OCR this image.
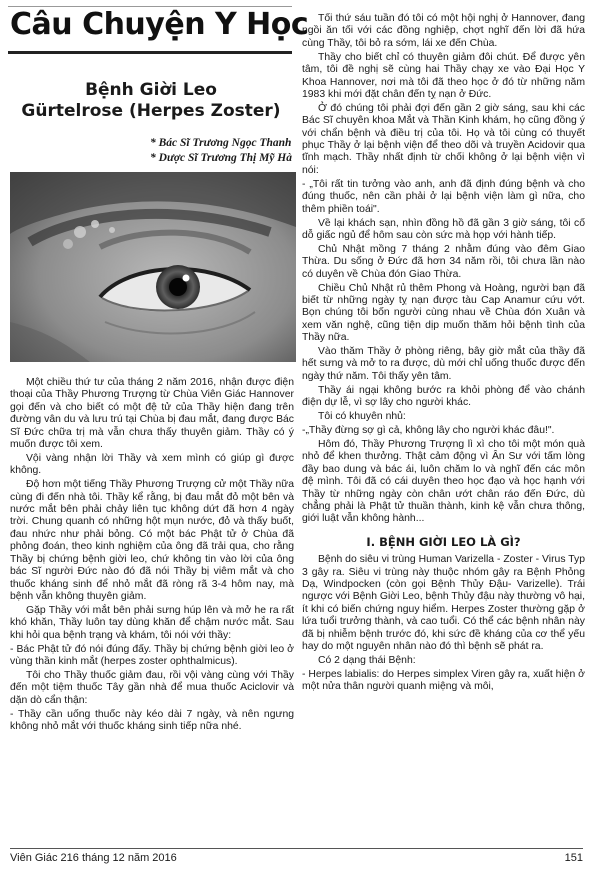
Câu Chuyện Y Học
Bệnh Giời Leo
Gürtelrose (Herpes Zoster)
* Bác Sĩ Trương Ngọc Thanh
* Dược Sĩ Trương Thị Mỹ Hà

Một chiều thứ tư của tháng 2 năm 2016, nhận được điện thoại của Thầy Phương Trượng từ Chùa Viên Giác Hannover gọi đến và cho biết có một đệ tử của Thầy hiện đang trên đường vân du và lưu trú tại Chùa bị đau mắt, đang được Bác Sĩ Đức chữa trị mà vẫn chưa thấy thuyên giảm. Thầy có ý muốn được tôi xem.

Vội vàng nhận lời Thầy và xem mình có giúp gì được không.

Độ hơn một tiếng Thầy Phương Trượng cử một Thầy nữa cùng đi đến nhà tôi. Thầy kể rằng, bị đau mắt đỏ một bên và nước mắt bên phải chảy liên tục không dứt đã hơn 4 ngày trời. Chung quanh có những hột mụn nước, đỏ và thấy buốt, đau nhức như phải bỏng. Có một bác Phật tử ở Chùa đã phỏng đoán, theo kinh nghiệm của ông đã trải qua, cho rằng Thầy bị chứng bệnh giời leo, chứ không tin vào lời của ông bác Sĩ người Đức nào đó đã nói Thầy bị viêm mắt và cho thuốc kháng sinh để nhỏ mắt đã ròng rã 3-4 hôm nay, mà bệnh vẫn không thuyên giảm.

Gặp Thầy với mắt bên phải sưng húp lên và mở he ra rất khó khăn, Thầy luôn tay dùng khăn để chậm nước mắt. Sau khi hỏi qua bệnh trạng và khám, tôi nói với thầy:

- Bác Phật tử đó nói đúng đấy. Thầy bị chứng bệnh giời leo ở vùng thần kinh mắt (herpes zoster ophthalmicus).

Tôi cho Thầy thuốc giảm đau, rồi vội vàng cùng với Thầy đến một tiệm thuốc Tây gần nhà để mua thuốc Aciclovir và dặn dò cẩn thận:

- Thầy cần uống thuốc này kéo dài 7 ngày, và nên ngưng không nhỏ mắt với thuốc kháng sinh tiếp nữa nhé.

Tối thứ sáu tuần đó tôi có một hội nghị ở Hannover, đang ngồi ăn tối với các đồng nghiệp, chợt nghĩ đến lời đã hứa cùng Thầy, tôi bỏ ra sớm, lái xe đến Chùa.

Thầy cho biết chỉ có thuyên giảm đôi chút. Để được yên tâm, tôi đề nghị sẽ cùng hai Thầy chạy xe vào Đại Học Y Khoa Hannover, nơi mà tôi đã theo học ở đó từ những năm 1983 khi mới đặt chân đến tỵ nạn ở Đức.

Ở đó chúng tôi phải đợi đến gần 2 giờ sáng, sau khi các Bác Sĩ chuyên khoa Mắt và Thần Kinh khám, họ cũng đồng ý với chẩn bệnh và điều trị của tôi. Họ và tôi cùng có thuyết phục Thầy ở lại bệnh viện để theo dõi và truyền Acidovir qua tĩnh mạch. Thầy nhất định từ chối không ở lại bệnh viện vì nói:

- „Tôi rất tin tưởng vào anh, anh đã định đúng bệnh và cho đúng thuốc, nên cần phải ở lại bệnh viện làm gì nữa, cho thêm phiền toái".

Về lại khách sạn, nhìn đồng hồ đã gần 3 giờ sáng, tôi cố dỗ giấc ngủ để hôm sau còn sức mà họp với hành tiếp.

Chủ Nhật mồng 7 tháng 2 nhằm đúng vào đêm Giao Thừa. Du sống ở Đức đã hơn 34 năm rồi, tôi chưa lần nào có duyên về Chùa đón Giao Thừa.

Chiều Chủ Nhật rủ thêm Phong và Hoàng, người bạn đã biết từ những ngày tỵ nạn được tàu Cap Anamur cứu vớt. Bọn chúng tôi bốn người cùng nhau về Chùa đón Xuân và xem văn nghệ, cũng tiện dịp muốn thăm hỏi bệnh tình của Thầy nữa.

Vào thăm Thầy ở phòng riêng, bây giờ mắt của thầy đã hết sưng và mở to ra được, dù mới chỉ uống thuốc được đến ngày thứ năm. Tôi thấy yên tâm.

Thầy ái ngại không bước ra khỏi phòng để vào chánh điện dự lễ, vì sợ lây cho người khác.

Tôi có khuyên nhủ:

-„Thầy đừng sợ gì cả, không lây cho người khác đâu!".

Hôm đó, Thầy Phương Trượng lì xì cho tôi một món quà nhỏ để khen thưởng. Thật cảm động vì Ân Sư với tấm lòng đầy bao dung và bác ái, luôn chăm lo và nghĩ đến các môn đệ mình. Tôi đã có cái duyên theo học đạo và học hạnh với Thầy từ những ngày còn chân ướt chân ráo đến Đức, dù chẳng phải là Phật tử thuần thành, kinh kệ vẫn chưa thông, giới luật vẫn không hành...

I. BỆNH GIỜI LEO LÀ GÌ?

Bệnh do siêu vi trùng Human Varizella - Zoster - Virus Typ 3 gây ra. Siêu vi trùng này thuộc nhóm gây ra Bệnh Phỏng Dạ, Windpocken (còn gọi Bệnh Thủy Đậu- Varizelle). Trái ngược với Bệnh Giời Leo, bệnh Thủy đậu này thường vô hại, ít khi có biến chứng nguy hiểm. Herpes Zoster thường gặp ở lứa tuổi trưởng thành, và cao tuổi. Có thể các bệnh nhân này đã bị nhiễm bệnh trước đó, khi sức đề kháng của cơ thể yếu hay do một nguyên nhân nào đó thì bệnh sẽ phát ra.

Có 2 dạng thái Bệnh:

- Herpes labialis: do Herpes simplex Viren gây ra, xuất hiện ở một nửa thân người quanh miệng và môi,

Viên Giác 216 tháng 12 năm 2016	151
